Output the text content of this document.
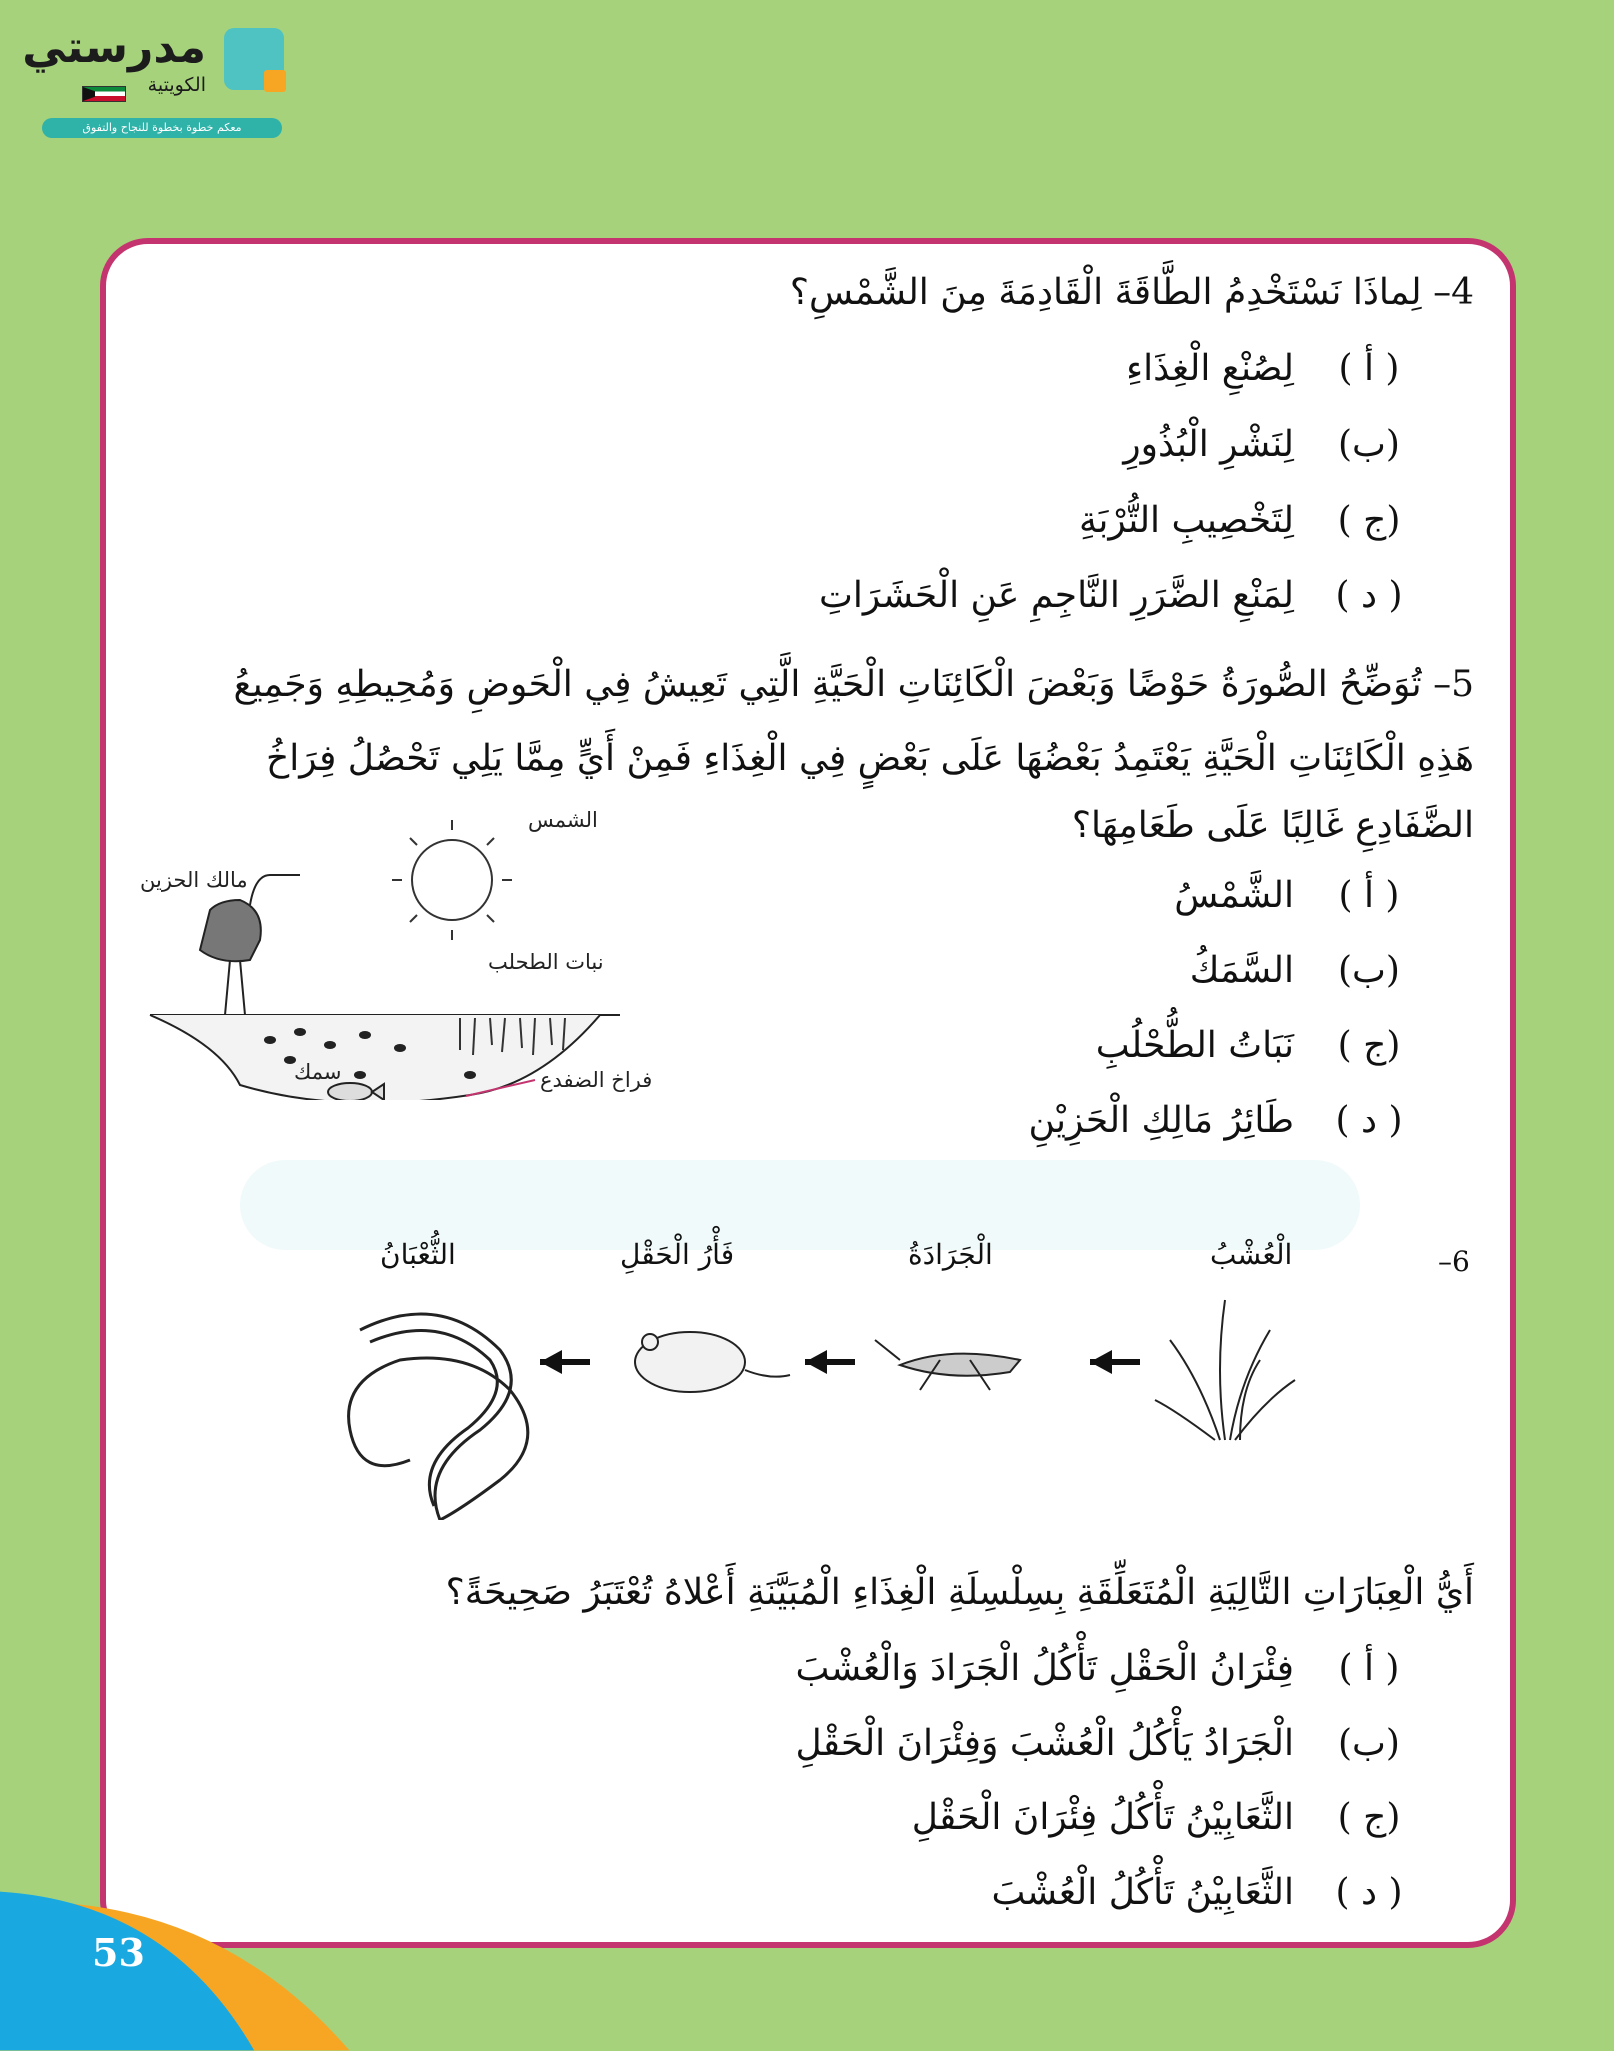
مدرستي
الكويتية
معكم خطوة بخطوة للنجاح والتفوق
4– لِماذَا نَسْتَخْدِمُ الطَّاقَةَ الْقَادِمَةَ مِنَ الشَّمْسِ؟
( أ )
لِصُنْعِ الْغِذَاءِ
(ب)
لِنَشْرِ الْبُذُورِ
(ج )
لِتَخْصِيبِ التُّرْبَةِ
( د )
لِمَنْعِ الضَّرَرِ النَّاجِمِ عَنِ الْحَشَرَاتِ
5– تُوَضِّحُ الصُّورَةُ حَوْضًا وَبَعْضَ الْكَائِنَاتِ الْحَيَّةِ الَّتِي تَعِيشُ فِي الْحَوضِ وَمُحِيطِهِ وَجَمِيعُ
هَذِهِ الْكَائِنَاتِ الْحَيَّةِ يَعْتَمِدُ بَعْضُهَا عَلَى بَعْضٍ فِي الْغِذَاءِ فَمِنْ أَيٍّ مِمَّا يَلِي تَحْصُلُ فِرَاخُ
الضَّفَادِعِ غَالِبًا عَلَى طَعَامِهَا؟
( أ )
الشَّمْسُ
(ب)
السَّمَكُ
(ج )
نَبَاتُ الطُّحْلُبِ
( د )
طَائِرُ مَالِكِ الْحَزِيْنِ
الشمس
مالك الحزين
نبات الطحلب
سمك	فراخ الضفدع
6–
الْعُشْبُ
الْجَرَادَةُ
فَأْرُ الْحَقْلِ
الثُّعْبَانُ
أَيُّ الْعِبَارَاتِ التَّالِيَةِ الْمُتَعَلِّقَةِ بِسِلْسِلَةِ الْغِذَاءِ الْمُبَيَّنَةِ أَعْلاهُ تُعْتَبَرُ صَحِيحَةً؟
( أ )
فِئْرَانُ الْحَقْلِ تَأْكُلُ الْجَرَادَ وَالْعُشْبَ
(ب)
الْجَرَادُ يَأْكُلُ الْعُشْبَ وَفِئْرَانَ الْحَقْلِ
(ج )
الثَّعَابِيْنُ تَأْكُلُ فِئْرَانَ الْحَقْلِ
( د )
الثَّعَابِيْنُ تَأْكُلُ الْعُشْبَ
53
